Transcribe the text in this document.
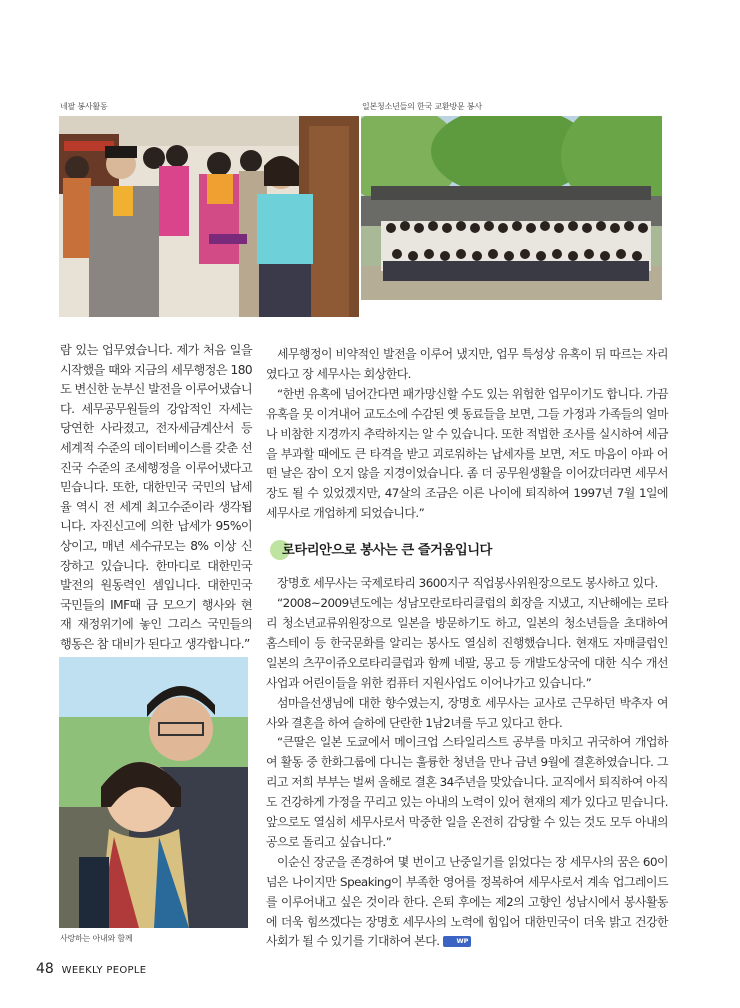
네팔 봉사활동	일본청소년들의 한국 교환방문 봉사

람 있는 업무였습니다. 제가 처음 일을 시작했을 때와 지금의 세무행정은 180도 변신한 눈부신 발전을 이루어냈습니다. 세무공무원들의 강압적인 자세는 당연한 사라졌고, 전자세금계산서 등 세계적 수준의 데이터베이스를 갖춘 선진국 수준의 조세행정을 이루어냈다고 믿습니다. 또한, 대한민국 국민의 납세율 역시 전 세계 최고수준이라 생각됩니다. 자진신고에 의한 납세가 95%이상이고, 매년 세수규모는 8% 이상 신장하고 있습니다. 한마디로 대한민국 발전의 원동력인 셈입니다. 대한민국 국민들의 IMF때 금 모으기 행사와 현재 재정위기에 놓인 그리스 국민들의 행동은 참 대비가 된다고 생각합니다.”

사랑하는 아내와 함께

세무행정이 비약적인 발전을 이루어 냈지만, 업무 특성상 유혹이 뒤 따르는 자리였다고 장 세무사는 회상한다.

“한번 유혹에 넘어간다면 패가망신할 수도 있는 위험한 업무이기도 합니다. 가끔 유혹을 못 이겨내어 교도소에 수감된 옛 동료들을 보면, 그들 가정과 가족들의 얼마나 비참한 지경까지 추락하지는 알 수 있습니다. 또한 적법한 조사를 실시하여 세금을 부과할 때에도 큰 타격을 받고 괴로워하는 납세자를 보면, 저도 마음이 아파 어떤 날은 잠이 오지 않을 지경이었습니다. 좀 더 공무원생활을 이어갔더라면 세무서장도 될 수 있었겠지만, 47살의 조금은 이른 나이에 퇴직하여 1997년 7월 1일에 세무사로 개업하게 되었습니다.”

로타리안으로 봉사는 큰 즐거움입니다

장명호 세무사는 국제로타리 3600지구 직업봉사위원장으로도 봉사하고 있다.

“2008~2009년도에는 성남모란로타리클럽의 회장을 지냈고, 지난해에는 로타리 청소년교류위원장으로 일본을 방문하기도 하고, 일본의 청소년들을 초대하여 홈스테이 등 한국문화를 알리는 봉사도 열심히 진행했습니다. 현재도 자매클럽인 일본의 츠꾸이쥬오로타리클럽과 함께 네팔, 몽고 등 개발도상국에 대한 식수 개선사업과 어린이들을 위한 컴퓨터 지원사업도 이어나가고 있습니다.”

섬마을선생님에 대한 향수였는지, 장명호 세무사는 교사로 근무하던 박추자 여사와 결혼을 하여 슬하에 단란한 1남2녀를 두고 있다고 한다.

“큰딸은 일본 도쿄에서 메이크업 스타일리스트 공부를 마치고 귀국하여 개업하여 활동 중 한화그룹에 다니는 훌륭한 청년을 만나 금년 9월에 결혼하였습니다. 그리고 저희 부부는 벌써 올해로 결혼 34주년을 맞았습니다. 교직에서 퇴직하여 아직도 건강하게 가정을 꾸리고 있는 아내의 노력이 있어 현재의 제가 있다고 믿습니다. 앞으로도 열심히 세무사로서 막중한 일을 온전히 감당할 수 있는 것도 모두 아내의 공으로 돌리고 싶습니다.”

이순신 장군을 존경하여 몇 번이고 난중일기를 읽었다는 장 세무사의 꿈은 60이 넘은 나이지만 Speaking이 부족한 영어를 정복하여 세무사로서 계속 업그레이드를 이루어내고 싶은 것이라 한다. 은퇴 후에는 제2의 고향인 성남시에서 봉사활동에 더욱 힘쓰겠다는 장명호 세무사의 노력에 힘입어 대한민국이 더욱 밝고 건강한 사회가 될 수 있기를 기대하여 본다.	WP

48 WEEKLY PEOPLE
